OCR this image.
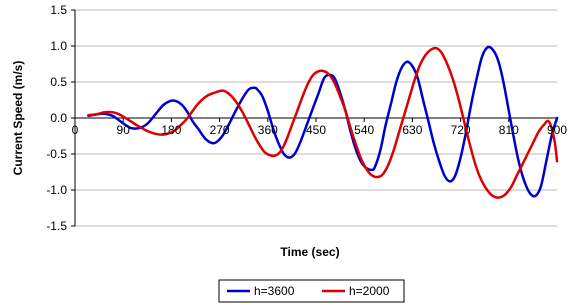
1.5
1.0
0.5
0.0
-0.5
-1.0
-1.5
0	90	180 270 360 450 540 630 720 810 900
Current Speed (m/s)
Time (sec)
h=3600	h=2000
